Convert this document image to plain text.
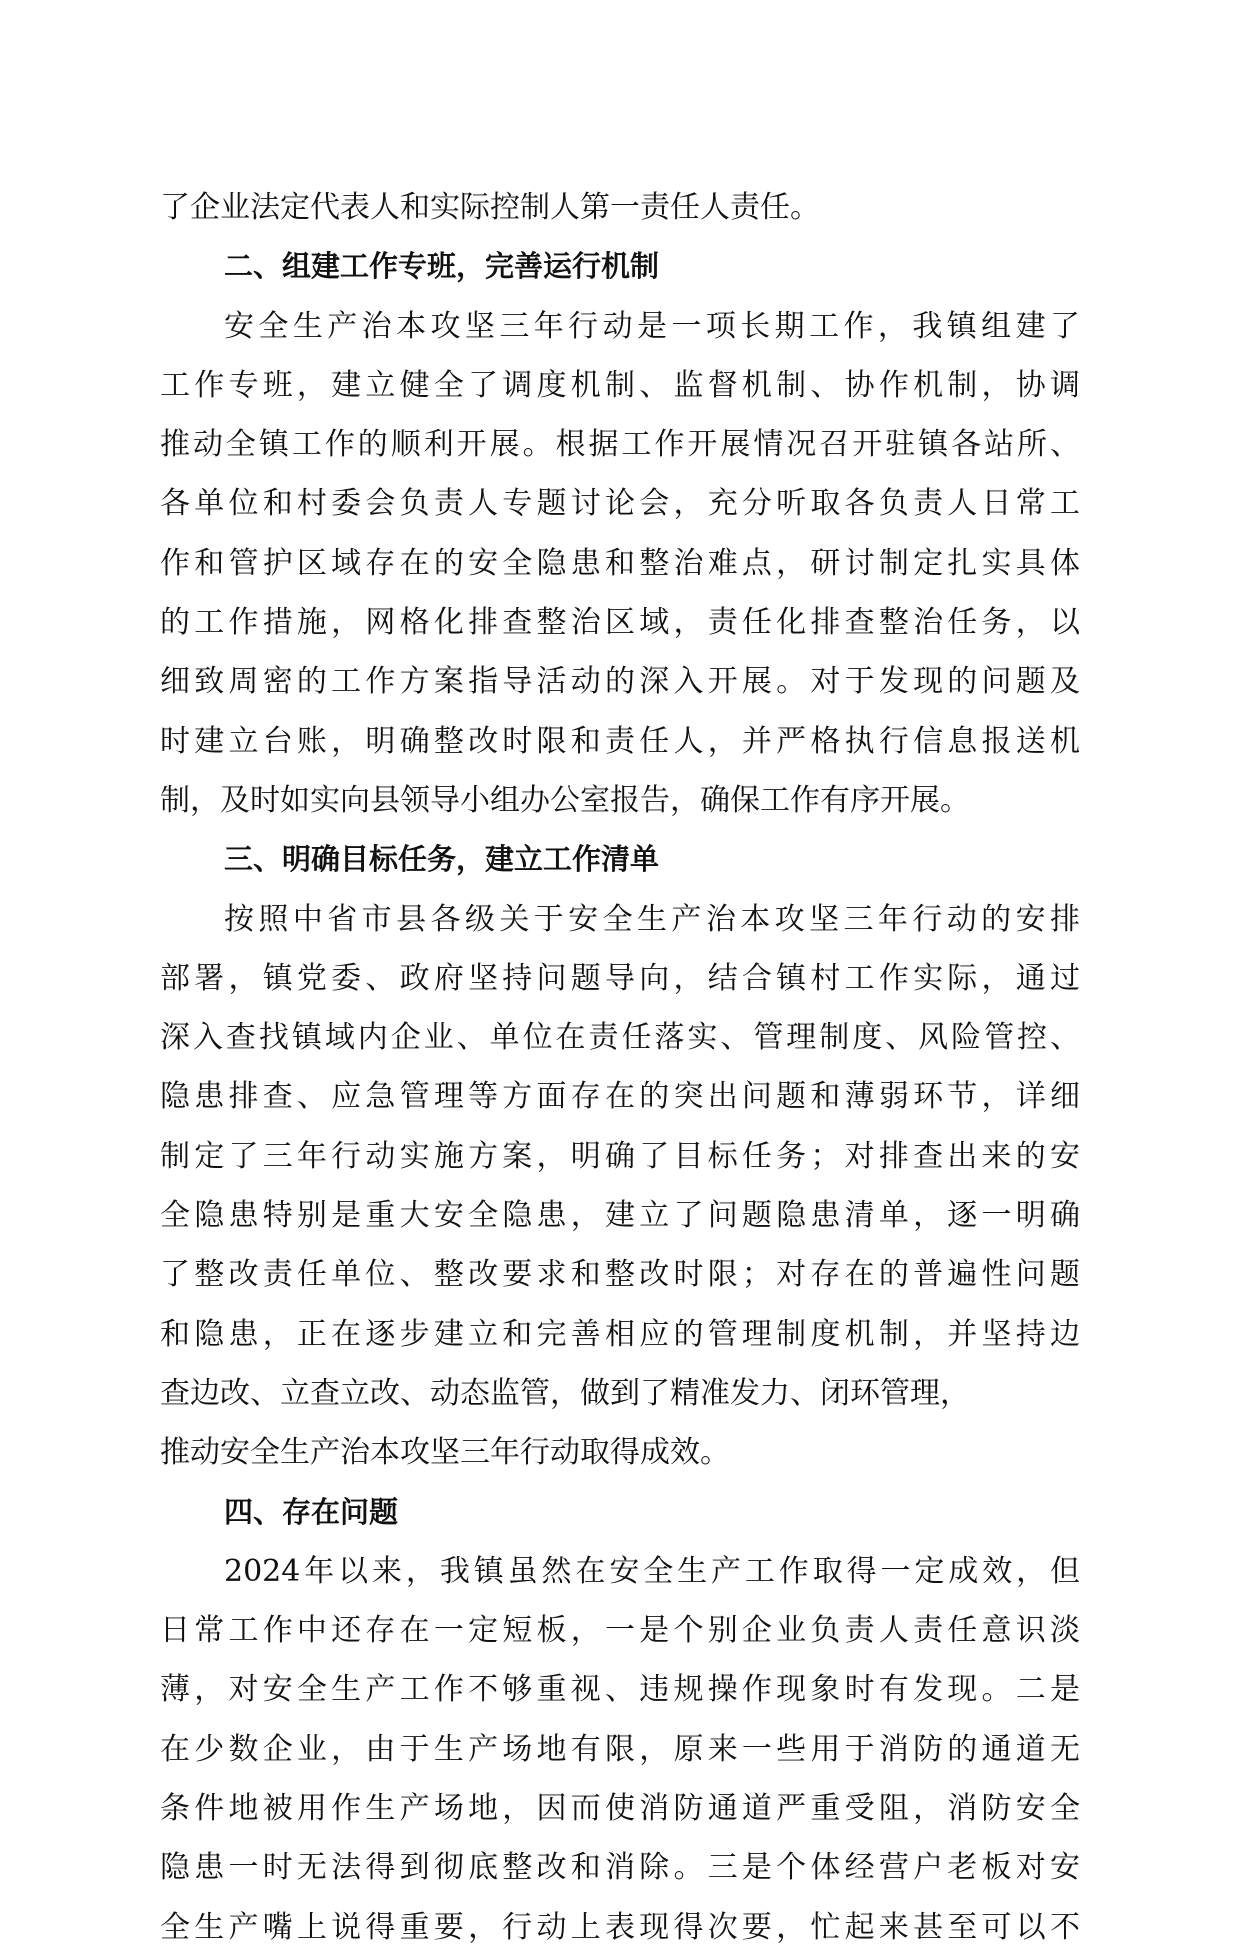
了企业法定代表人和实际控制人第一责任人责任。
二、组建工作专班，完善运行机制
安全生产治本攻坚三年行动是一项长期工作，我镇组建了
工作专班，建立健全了调度机制、监督机制、协作机制，协调
推动全镇工作的顺利开展。根据工作开展情况召开驻镇各站所、
各单位和村委会负责人专题讨论会，充分听取各负责人日常工
作和管护区域存在的安全隐患和整治难点，研讨制定扎实具体
的工作措施，网格化排查整治区域，责任化排查整治任务，以
细致周密的工作方案指导活动的深入开展。对于发现的问题及
时建立台账，明确整改时限和责任人，并严格执行信息报送机
制，及时如实向县领导小组办公室报告，确保工作有序开展。
三、明确目标任务，建立工作清单
按照中省市县各级关于安全生产治本攻坚三年行动的安排
部署，镇党委、政府坚持问题导向，结合镇村工作实际，通过
深入查找镇域内企业、单位在责任落实、管理制度、风险管控、
隐患排查、应急管理等方面存在的突出问题和薄弱环节，详细
制定了三年行动实施方案，明确了目标任务；对排查出来的安
全隐患特别是重大安全隐患，建立了问题隐患清单，逐一明确
了整改责任单位、整改要求和整改时限；对存在的普遍性问题
和隐患，正在逐步建立和完善相应的管理制度机制，并坚持边
查边改、立查立改、动态监管，做到了精准发力、闭环管理，
推动安全生产治本攻坚三年行动取得成效。
四、存在问题
2024年以来，我镇虽然在安全生产工作取得一定成效，但
日常工作中还存在一定短板，一是个别企业负责人责任意识淡
薄，对安全生产工作不够重视、违规操作现象时有发现。二是
在少数企业，由于生产场地有限，原来一些用于消防的通道无
条件地被用作生产场地，因而使消防通道严重受阻，消防安全
隐患一时无法得到彻底整改和消除。三是个体经营户老板对安
全生产嘴上说得重要，行动上表现得次要，忙起来甚至可以不
